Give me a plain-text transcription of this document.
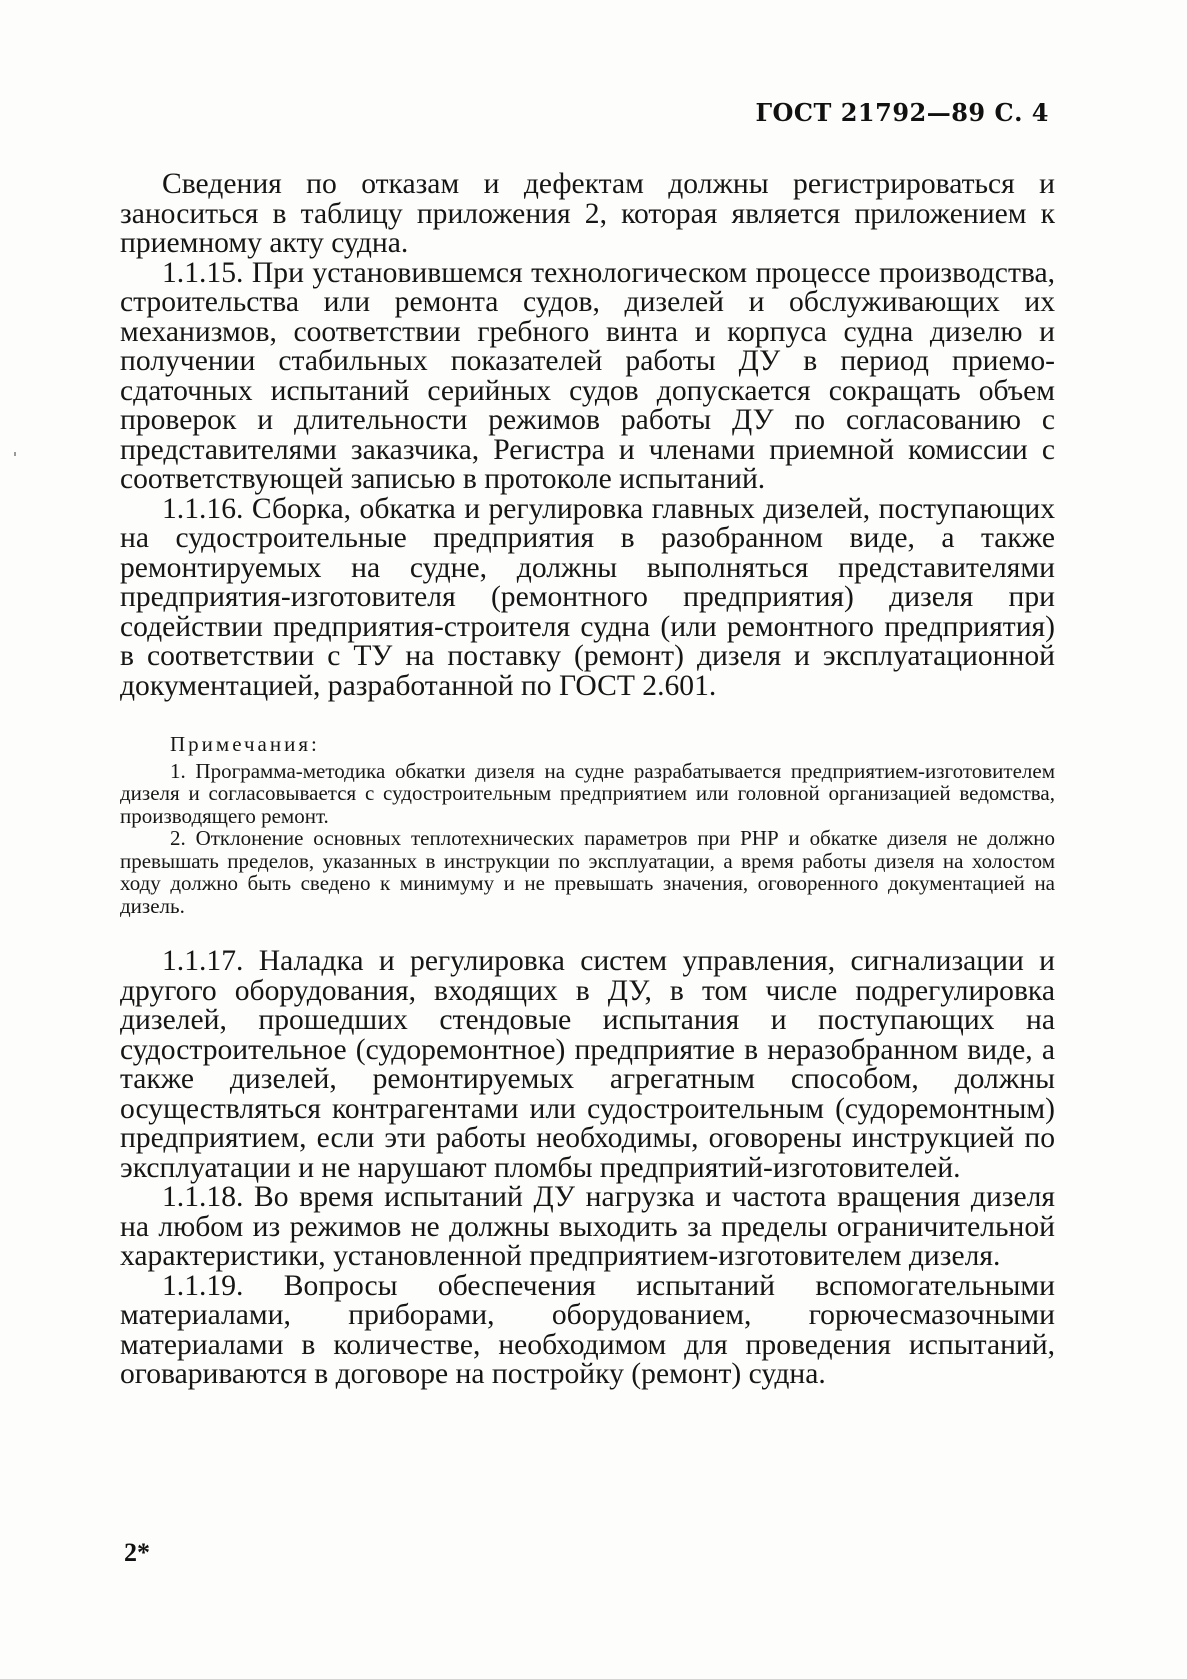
ГОСТ 21792—89 С. 4

Сведения по отказам и дефектам должны регистрироваться и заноситься в таблицу приложения 2, которая является приложением к приемному акту судна.

1.1.15. При установившемся технологическом процессе производства, строительства или ремонта судов, дизелей и обслуживающих их механизмов, соответствии гребного винта и корпуса судна дизелю и получении стабильных показателей работы ДУ в период приемо-сдаточных испытаний серийных судов допускается сокращать объем проверок и длительности режимов работы ДУ по согласованию с представителями заказчика, Регистра и членами приемной комиссии с соответствующей записью в протоколе испытаний.

1.1.16. Сборка, обкатка и регулировка главных дизелей, поступающих на судостроительные предприятия в разобранном виде, а также ремонтируемых на судне, должны выполняться представителями предприятия-изготовителя (ремонтного предприятия) дизеля при содействии предприятия-строителя судна (или ремонтного предприятия) в соответствии с ТУ на поставку (ремонт) дизеля и эксплуатационной документацией, разработанной по ГОСТ 2.601.

Примечания:

1. Программа-методика обкатки дизеля на судне разрабатывается предприятием-изготовителем дизеля и согласовывается с судостроительным предприятием или головной организацией ведомства, производящего ремонт.

2. Отклонение основных теплотехнических параметров при РНР и обкатке дизеля не должно превышать пределов, указанных в инструкции по эксплуатации, а время работы дизеля на холостом ходу должно быть сведено к минимуму и не превышать значения, оговоренного документацией на дизель.

1.1.17. Наладка и регулировка систем управления, сигнализации и другого оборудования, входящих в ДУ, в том числе подрегулировка дизелей, прошедших стендовые испытания и поступающих на судостроительное (судоремонтное) предприятие в неразобранном виде, а также дизелей, ремонтируемых агрегатным способом, должны осуществляться контрагентами или судостроительным (судоремонтным) предприятием, если эти работы необходимы, оговорены инструкцией по эксплуатации и не нарушают пломбы предприятий-изготовителей.

1.1.18. Во время испытаний ДУ нагрузка и частота вращения дизеля на любом из режимов не должны выходить за пределы ограничительной характеристики, установленной предприятием-изготовителем дизеля.

1.1.19. Вопросы обеспечения испытаний вспомогательными материалами, приборами, оборудованием, горючесмазочными материалами в количестве, необходимом для проведения испытаний, оговариваются в договоре на постройку (ремонт) судна.

2*
